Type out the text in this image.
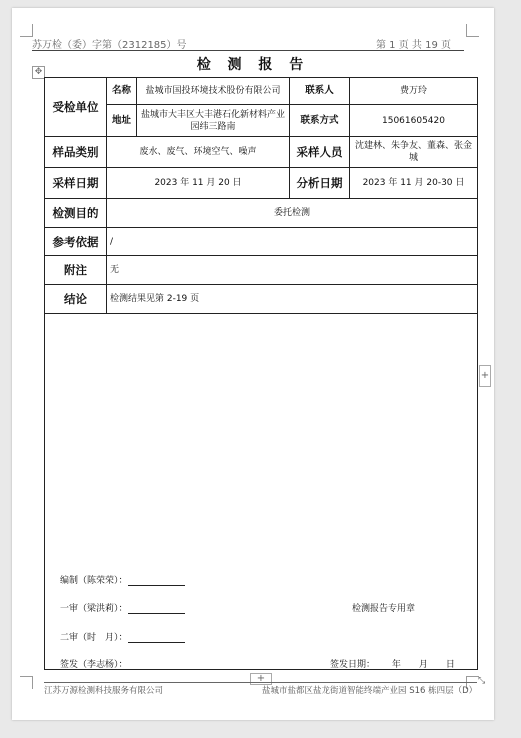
苏万检（委）字第（2312185）号	第 1 页 共 19 页
检 测 报 告
✥
受检单位	名称	盐城市国投环境技术股份有限公司	联系人	费万玲
	地址	盐城市大丰区大丰港石化新材料产业园纬三路南	联系方式	15061605420
样品类别	废水、废气、环境空气、噪声		采样人员	沈建林、朱争友、董森、张金城
采样日期	2023 年 11 月 20 日		分析日期	2023 年 11 月 20-30 日
检测目的	委托检测			
参考依据	/			
附注	无			
结论	检测结果见第 2-19 页			

编制（陈荣荣）：
一审（梁洪莉）：	检测报告专用章
二审（时　月）：
签发（李志杨）：	签发日期： 年　　月　　日
+
+	⤡
江苏万源检测科技服务有限公司	盐城市盐都区盐龙街道智能终端产业园 S16 栋四层（D）
